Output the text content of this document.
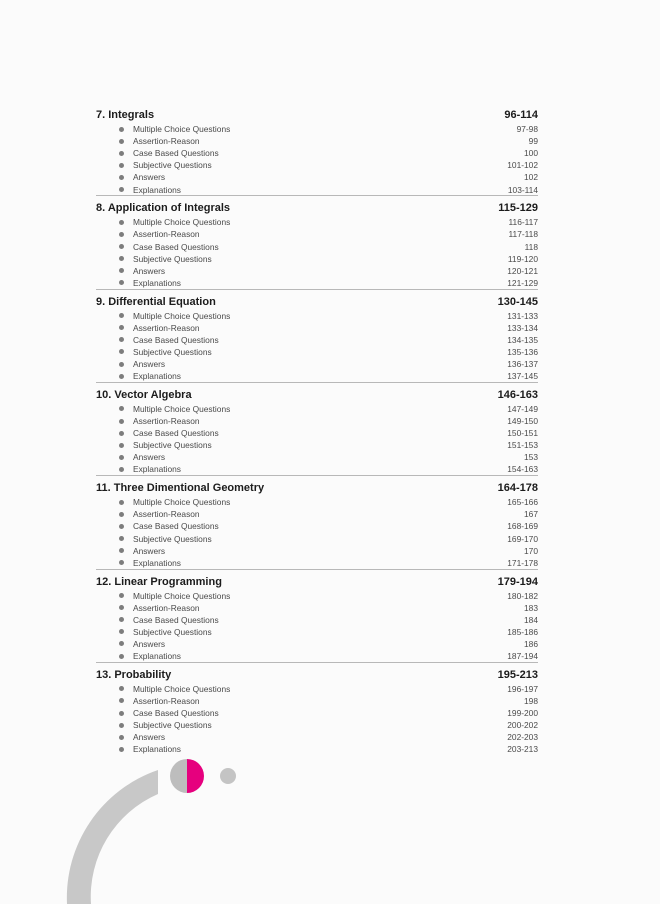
7. Integrals	96-114
Multiple Choice Questions	97-98
Assertion-Reason	99
Case Based Questions	100
Subjective Questions	101-102
Answers	102
Explanations	103-114
8. Application of Integrals	115-129
Multiple Choice Questions	116-117
Assertion-Reason	117-118
Case Based Questions	118
Subjective Questions	119-120
Answers	120-121
Explanations	121-129
9. Differential Equation	130-145
Multiple Choice Questions	131-133
Assertion-Reason	133-134
Case Based Questions	134-135
Subjective Questions	135-136
Answers	136-137
Explanations	137-145
10. Vector Algebra	146-163
Multiple Choice Questions	147-149
Assertion-Reason	149-150
Case Based Questions	150-151
Subjective Questions	151-153
Answers	153
Explanations	154-163
11. Three Dimentional Geometry	164-178
Multiple Choice Questions	165-166
Assertion-Reason	167
Case Based Questions	168-169
Subjective Questions	169-170
Answers	170
Explanations	171-178
12. Linear Programming	179-194
Multiple Choice Questions	180-182
Assertion-Reason	183
Case Based Questions	184
Subjective Questions	185-186
Answers	186
Explanations	187-194
13. Probability	195-213
Multiple Choice Questions	196-197
Assertion-Reason	198
Case Based Questions	199-200
Subjective Questions	200-202
Answers	202-203
Explanations	203-213
